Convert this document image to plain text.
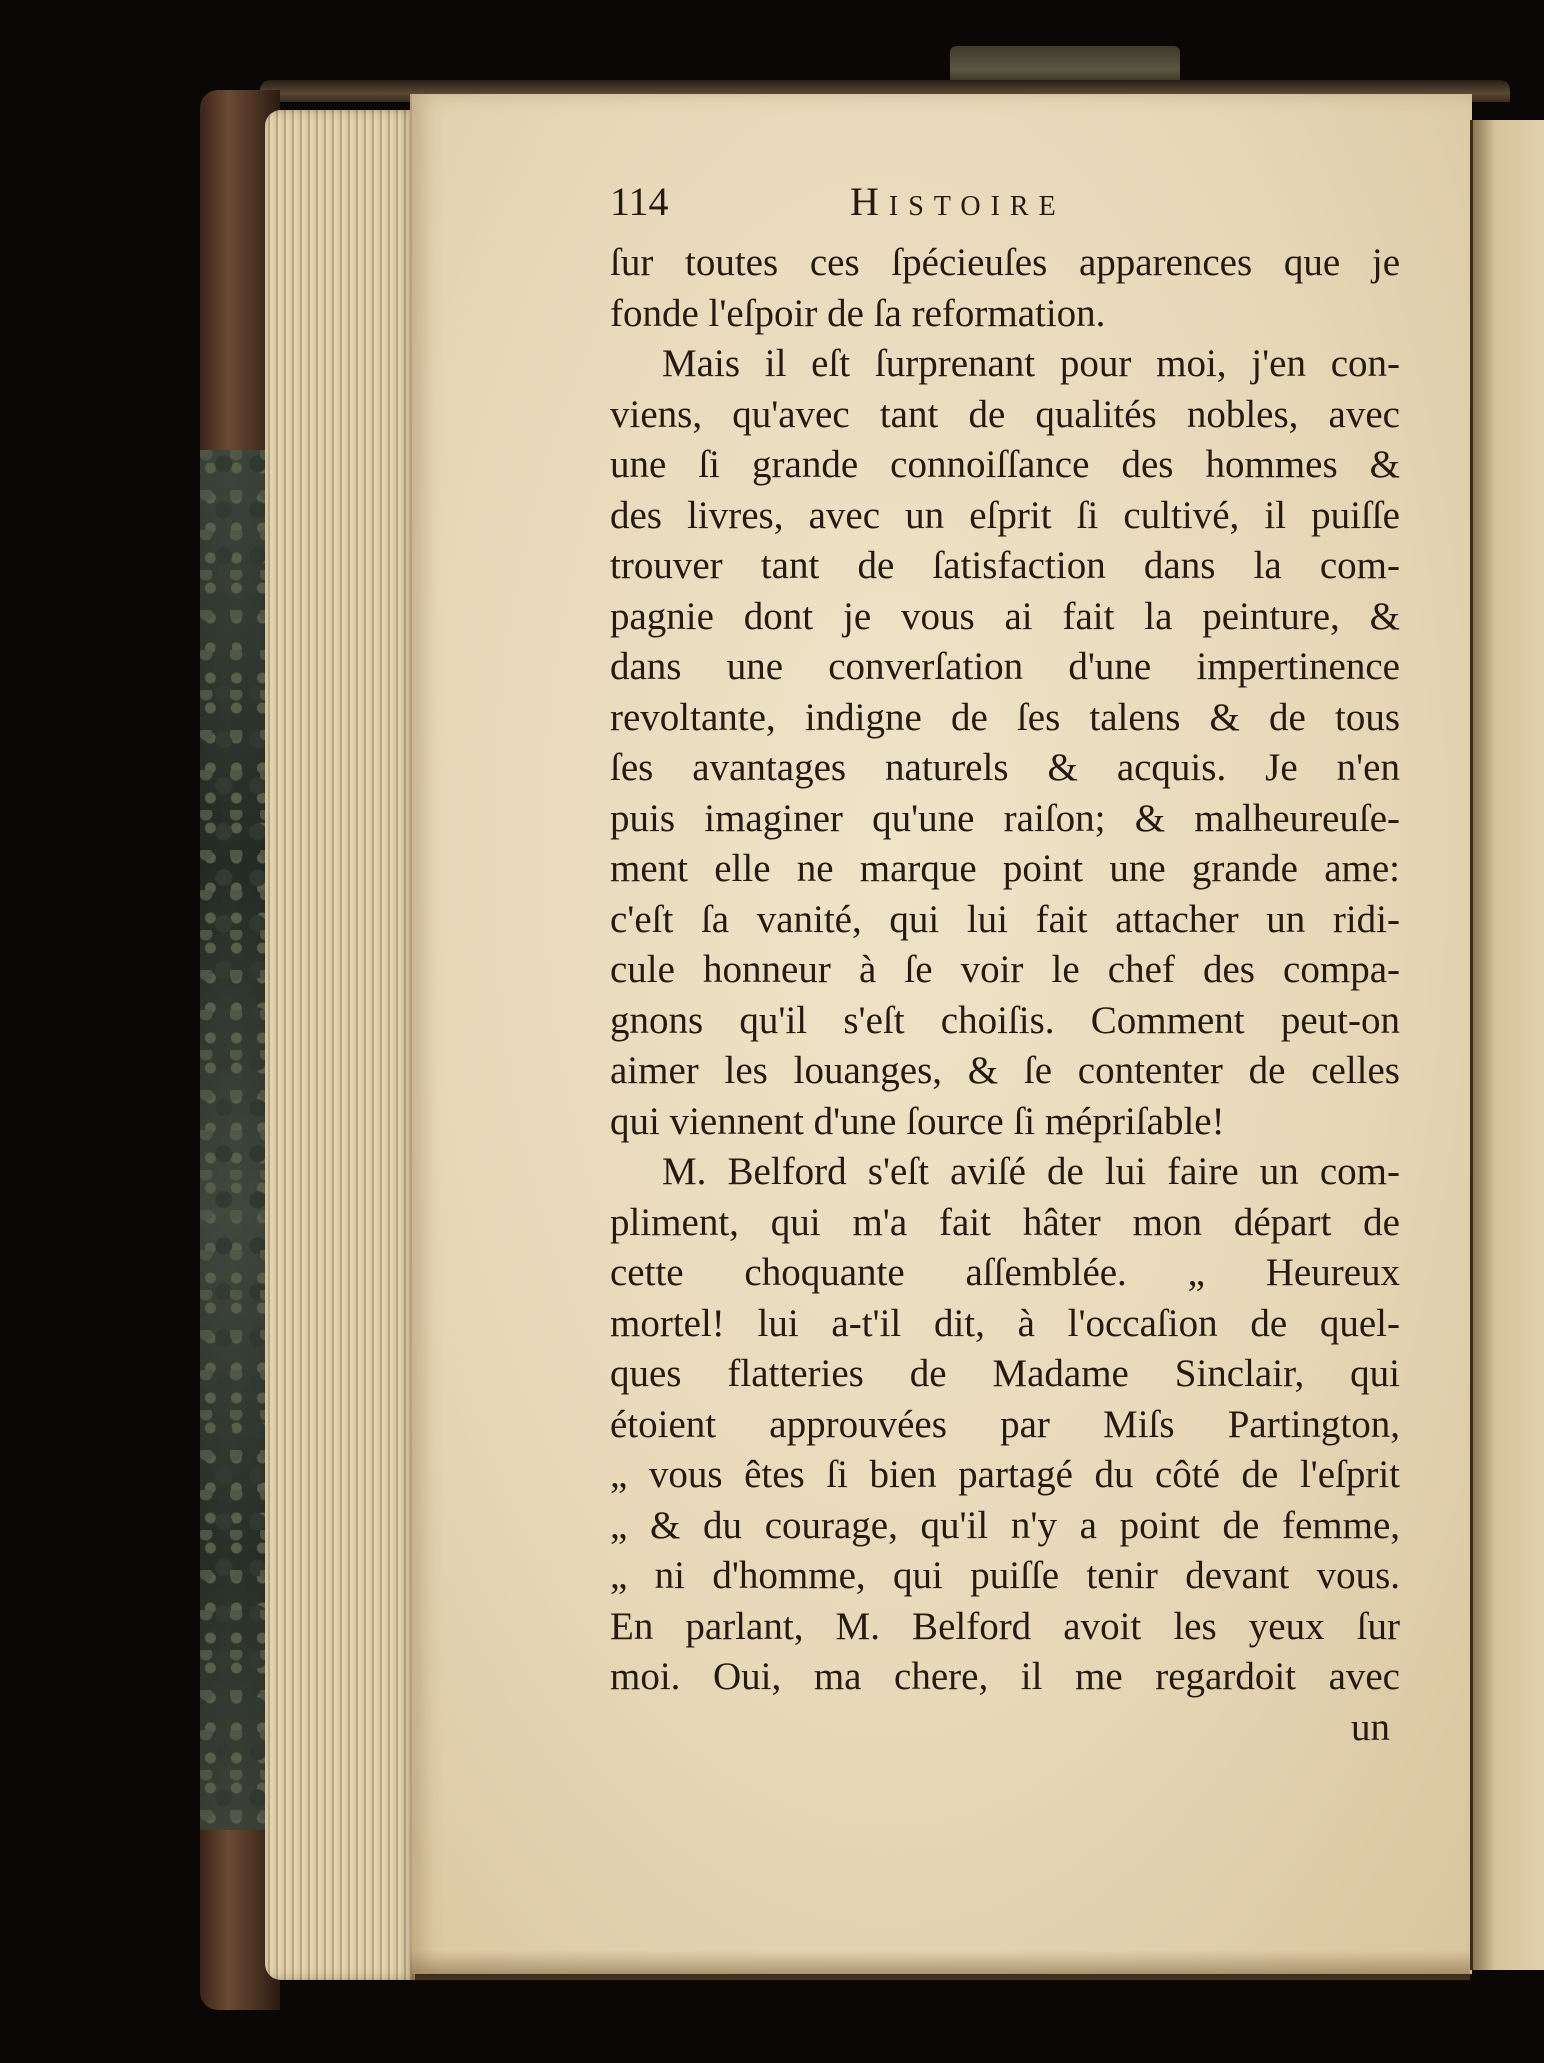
114	Histoire
ſur toutes ces ſpécieuſes apparences que je
fonde l'eſpoir de ſa reformation.
Mais il eſt ſurprenant pour moi, j'en con-
viens, qu'avec tant de qualités nobles, avec
une ſi grande connoiſſance des hommes &
des livres, avec un eſprit ſi cultivé, il puiſſe
trouver tant de ſatisfaction dans la com-
pagnie dont je vous ai fait la peinture, &
dans une converſation d'une impertinence
revoltante, indigne de ſes talens & de tous
ſes avantages naturels & acquis. Je n'en
puis imaginer qu'une raiſon; & malheureuſe-
ment elle ne marque point une grande ame:
c'eſt ſa vanité, qui lui fait attacher un ridi-
cule honneur à ſe voir le chef des compa-
gnons qu'il s'eſt choiſis. Comment peut-on
aimer les louanges, & ſe contenter de celles
qui viennent d'une ſource ſi mépriſable!
M. Belford s'eſt aviſé de lui faire un com-
pliment, qui m'a fait hâter mon départ de
cette choquante aſſemblée. „ Heureux
mortel! lui a-t'il dit, à l'occaſion de quel-
ques flatteries de Madame Sinclair, qui
étoient approuvées par Miſs Partington,
„ vous êtes ſi bien partagé du côté de l'eſprit
„ & du courage, qu'il n'y a point de femme,
„ ni d'homme, qui puiſſe tenir devant vous.
En parlant, M. Belford avoit les yeux ſur
moi. Oui, ma chere, il me regardoit avec
un
